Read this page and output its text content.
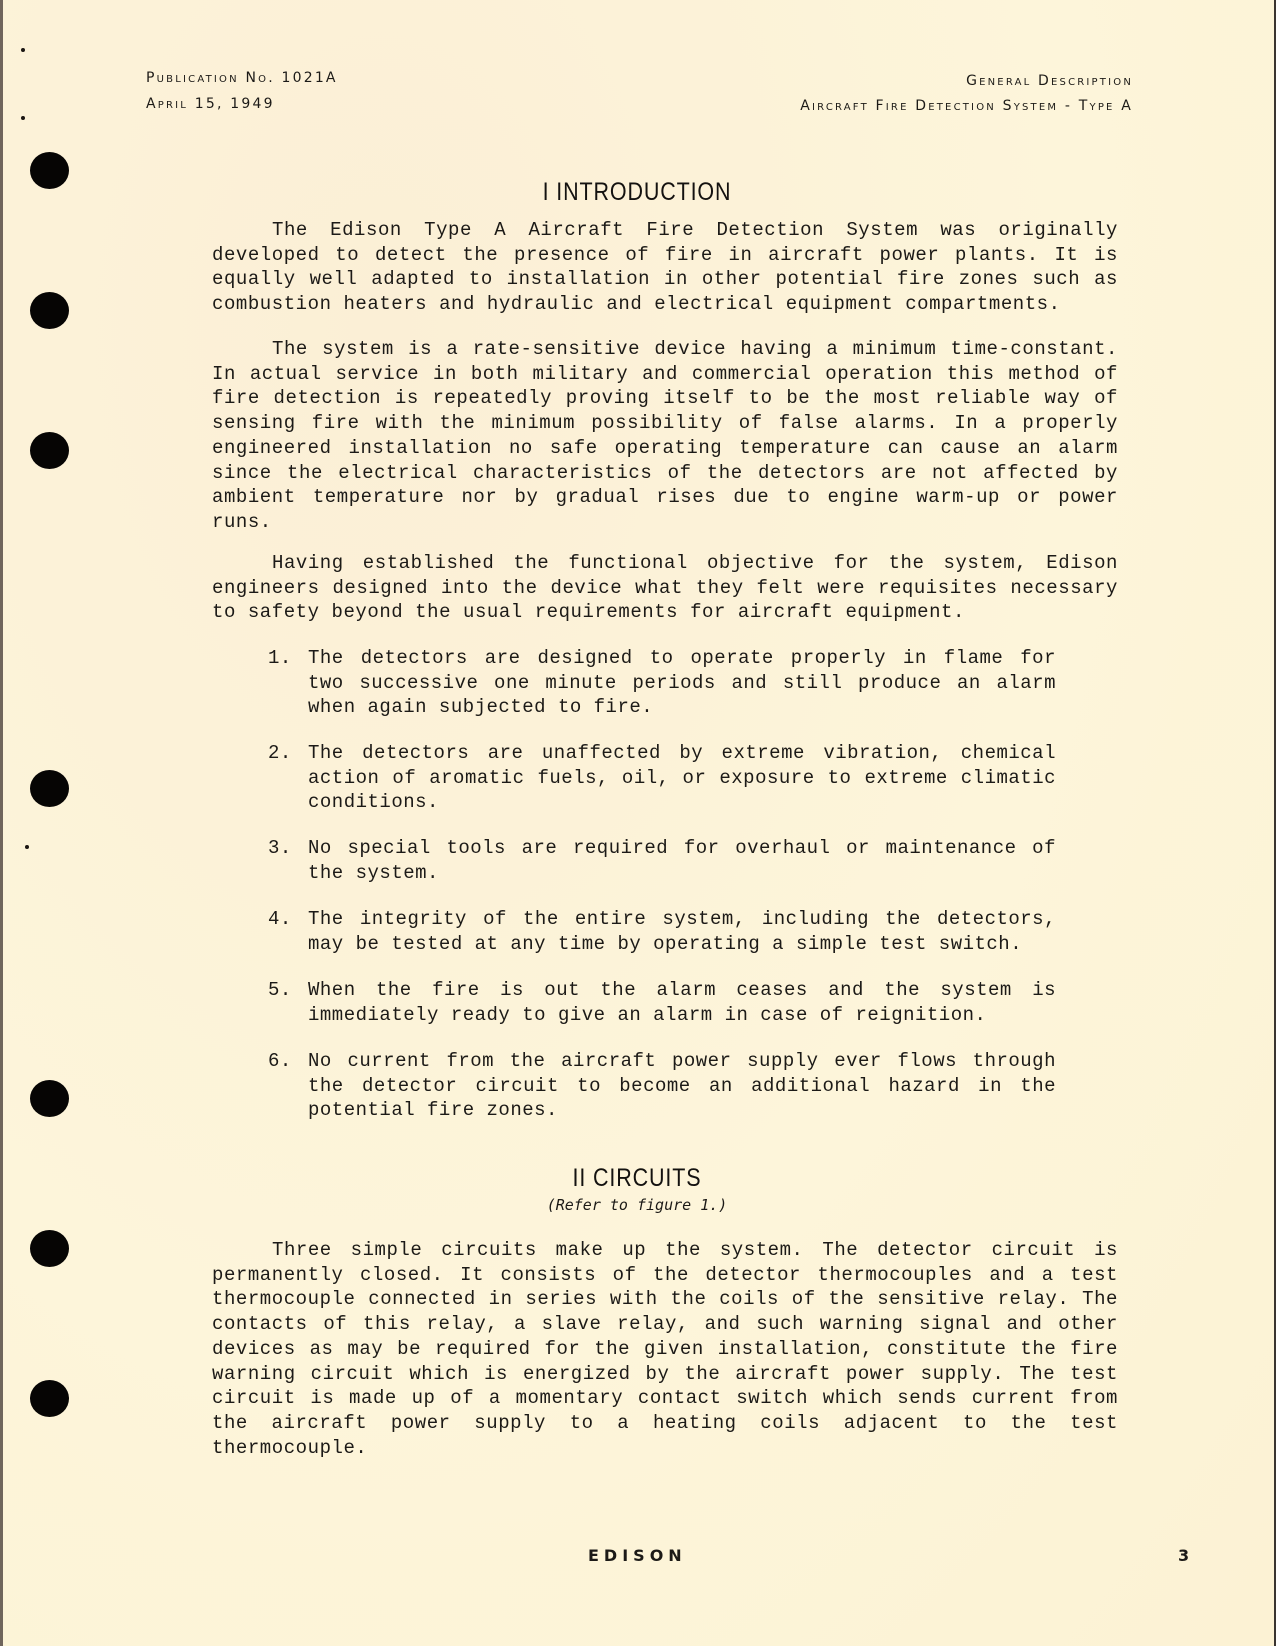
Publication No. 1021A
April 15, 1949
General Description
Aircraft Fire Detection System - Type A
I INTRODUCTION
The Edison Type A Aircraft Fire Detection System was originally developed to detect the presence of fire in aircraft power plants. It is equally well adapted to installation in other potential fire zones such as combustion heaters and hydraulic and electrical equipment compartments.
The system is a rate-sensitive device having a minimum time-constant. In actual service in both military and commercial operation this method of fire detection is repeatedly proving itself to be the most reliable way of sensing fire with the minimum possibility of false alarms. In a properly engineered installation no safe operating temperature can cause an alarm since the electrical characteristics of the detectors are not affected by ambient temperature nor by gradual rises due to engine warm-up or power runs.
Having established the functional objective for the system, Edison engineers designed into the device what they felt were requisites necessary to safety beyond the usual requirements for aircraft equipment.
1. The detectors are designed to operate properly in flame for two successive one minute periods and still produce an alarm when again subjected to fire.
2. The detectors are unaffected by extreme vibration, chemical action of aromatic fuels, oil, or exposure to extreme climatic conditions.
3. No special tools are required for overhaul or maintenance of the system.
4. The integrity of the entire system, including the detectors, may be tested at any time by operating a simple test switch.
5. When the fire is out the alarm ceases and the system is immediately ready to give an alarm in case of reignition.
6. No current from the aircraft power supply ever flows through the detector circuit to become an additional hazard in the potential fire zones.
II CIRCUITS
(Refer to figure 1.)
Three simple circuits make up the system. The detector circuit is permanently closed. It consists of the detector thermocouples and a test thermocouple connected in series with the coils of the sensitive relay. The contacts of this relay, a slave relay, and such warning signal and other devices as may be required for the given installation, constitute the fire warning circuit which is energized by the aircraft power supply. The test circuit is made up of a momentary contact switch which sends current from the aircraft power supply to a heating coils adjacent to the test thermocouple.
EDISON	3
